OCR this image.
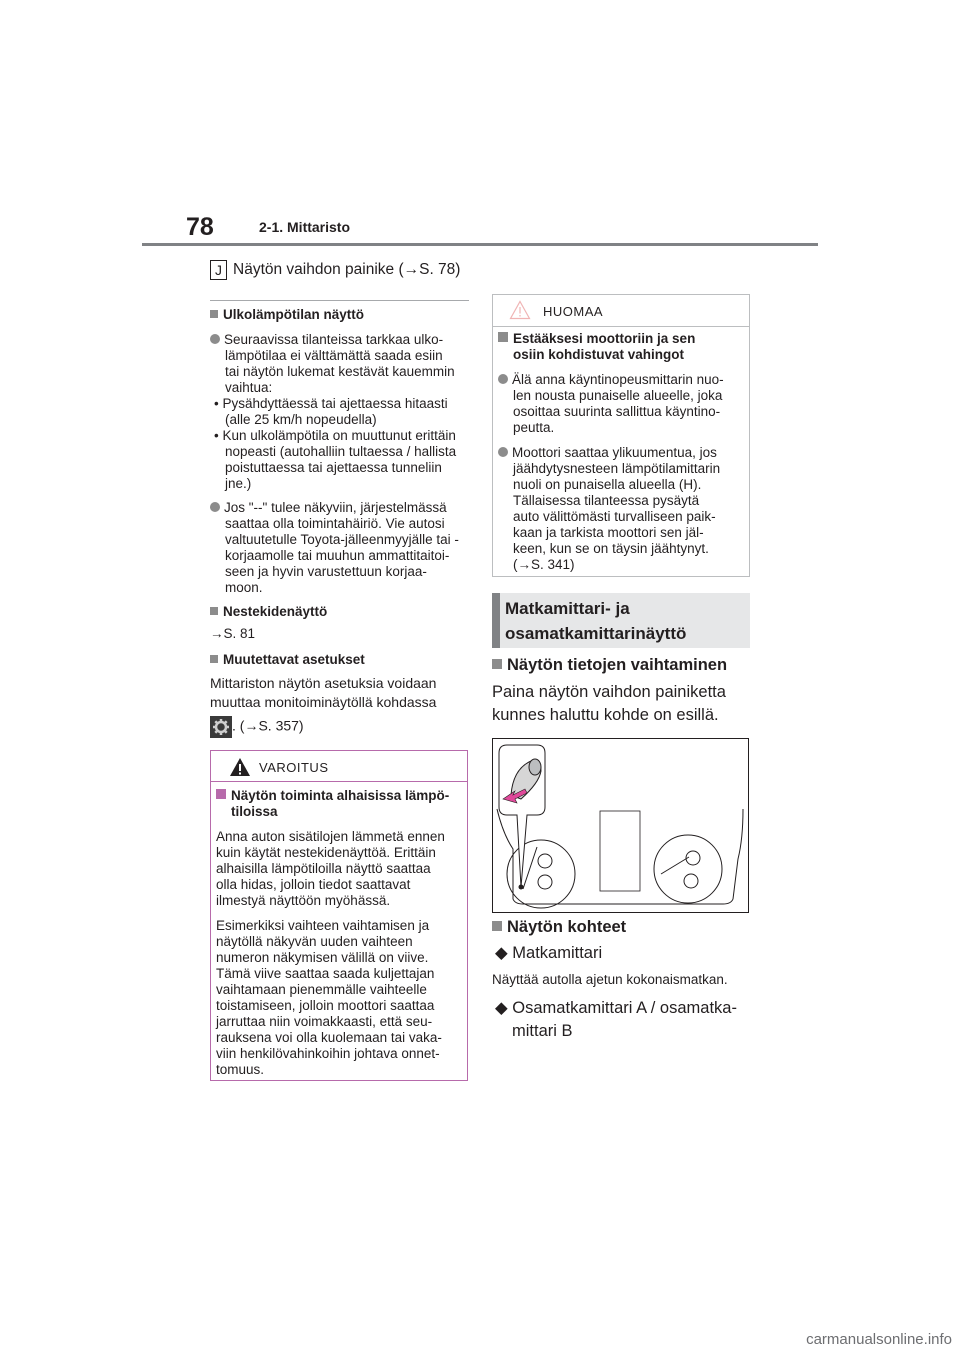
78	2-1. Mittaristo
J Näytön vaihdon painike (→S. 78)
Ulkolämpötilan näyttö
Seuraavissa tilanteissa tarkkaa ulko-
lämpötilaa ei välttämättä saada esiin
tai näytön lukemat kestävät kauemmin
vaihtua:
• Pysähdyttäessä tai ajettaessa hitaasti
(alle 25 km/h nopeudella)
• Kun ulkolämpötila on muuttunut erittäin
nopeasti (autohalliin tultaessa / hallista
poistuttaessa tai ajettaessa tunneliin
jne.)
Jos "--" tulee näkyviin, järjestelmässä
saattaa olla toimintahäiriö. Vie autosi
valtuutetulle Toyota-jälleenmyyjälle tai -
korjaamolle tai muuhun ammattitaitoi-
seen ja hyvin varustettuun korjaa-
moon.
Nestekidenäyttö
→S. 81
Muutettavat asetukset
Mittariston näytön asetuksia voidaan
muuttaa monitoiminäytöllä kohdassa
. (→S. 357)
VAROITUS
Näytön toiminta alhaisissa lämpö-
tiloissa
Anna auton sisätilojen lämmetä ennen
kuin käytät nestekidenäyttöä. Erittäin
alhaisilla lämpötiloilla näyttö saattaa
olla hidas, jolloin tiedot saattavat
ilmestyä näyttöön myöhässä.
Esimerkiksi vaihteen vaihtamisen ja
näytöllä näkyvän uuden vaihteen
numeron näkymisen välillä on viive.
Tämä viive saattaa saada kuljettajan
vaihtamaan pienemmälle vaihteelle
toistamiseen, jolloin moottori saattaa
jarruttaa niin voimakkaasti, että seu-
rauksena voi olla kuolemaan tai vaka-
viin henkilövahinkoihin johtava onnet-
tomuus.
HUOMAA
Estääksesi moottoriin ja sen
osiin kohdistuvat vahingot
Älä anna käyntinopeusmittarin nuo-
len nousta punaiselle alueelle, joka
osoittaa suurinta sallittua käyntino-
peutta.
Moottori saattaa ylikuumentua, jos
jäähdytysnesteen lämpötilamittarin
nuoli on punaisella alueella (H).
Tällaisessa tilanteessa pysäytä
auto välittömästi turvalliseen paik-
kaan ja tarkista moottori sen jäl-
keen, kun se on täysin jäähtynyt.
(→S. 341)
Matkamittari- ja
osamatkamittarinäyttö
Näytön tietojen vaihtaminen
Paina näytön vaihdon painiketta
kunnes haluttu kohde on esillä.
Näytön kohteet
◆ Matkamittari
Näyttää autolla ajetun kokonaismatkan.
◆ Osamatkamittari A / osamatka-
mittari B
carmanualsonline.info
